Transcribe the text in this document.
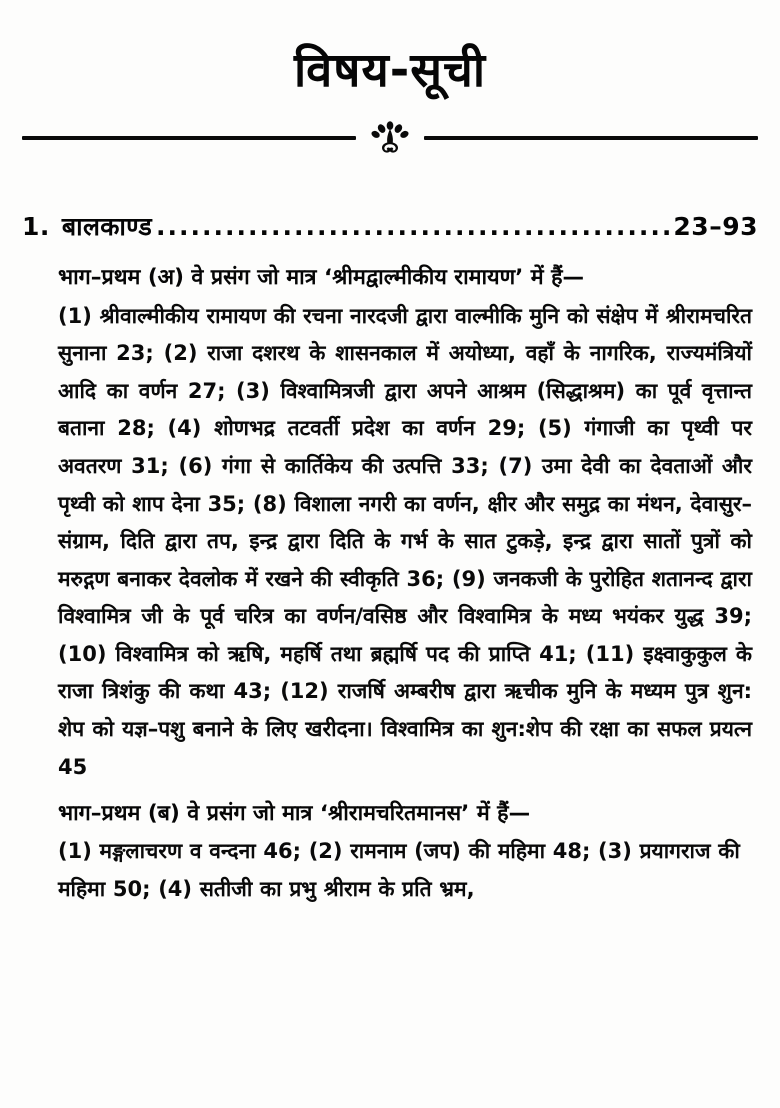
विषय-सूची
1. बालकाण्ड .....	23–93
भाग–प्रथम (अ) वे प्रसंग जो मात्र ‘श्रीमद्वाल्मीकीय रामायण’ में हैं—

(1) श्रीवाल्मीकीय रामायण की रचना नारदजी द्वारा वाल्मीकि मुनि को संक्षेप में श्रीरामचरित सुनाना 23; (2) राजा दशरथ के शासनकाल में अयोध्या, वहाँ के नागरिक, राज्यमंत्रियों आदि का वर्णन 27; (3) विश्वामित्रजी द्वारा अपने आश्रम (सिद्धाश्रम) का पूर्व वृत्तान्त बताना 28; (4) शोणभद्र तटवर्ती प्रदेश का वर्णन 29; (5) गंगाजी का पृथ्वी पर अवतरण 31; (6) गंगा से कार्तिकेय की उत्पत्ति 33; (7) उमा देवी का देवताओं और पृथ्वी को शाप देना 35; (8) विशाला नगरी का वर्णन, क्षीर और समुद्र का मंथन, देवासुर–संग्राम, दिति द्वारा तप, इन्द्र द्वारा दिति के गर्भ के सात टुकड़े, इन्द्र द्वारा सातों पुत्रों को मरुद्गण बनाकर देवलोक में रखने की स्वीकृति 36; (9) जनकजी के पुरोहित शतानन्द द्वारा विश्वामित्र जी के पूर्व चरित्र का वर्णन/वसिष्ठ और विश्वामित्र के मध्य भयंकर युद्ध 39; (10) विश्वामित्र को ऋषि, महर्षि तथा ब्रह्मर्षि पद की प्राप्ति 41; (11) इक्ष्वाकुकुल के राजा त्रिशंकु की कथा 43; (12) राजर्षि अम्बरीष द्वारा ऋचीक मुनि के मध्यम पुत्र शुन: शेप को यज्ञ–पशु बनाने के लिए खरीदना। विश्वामित्र का शुन:शेप की रक्षा का सफल प्रयत्न 45

भाग–प्रथम (ब) वे प्रसंग जो मात्र ‘श्रीरामचरितमानस’ में हैं—

(1) मङ्गलाचरण व वन्दना 46; (2) रामनाम (जप) की महिमा 48; (3) प्रयागराज की महिमा 50; (4) सतीजी का प्रभु श्रीराम के प्रति भ्रम,
